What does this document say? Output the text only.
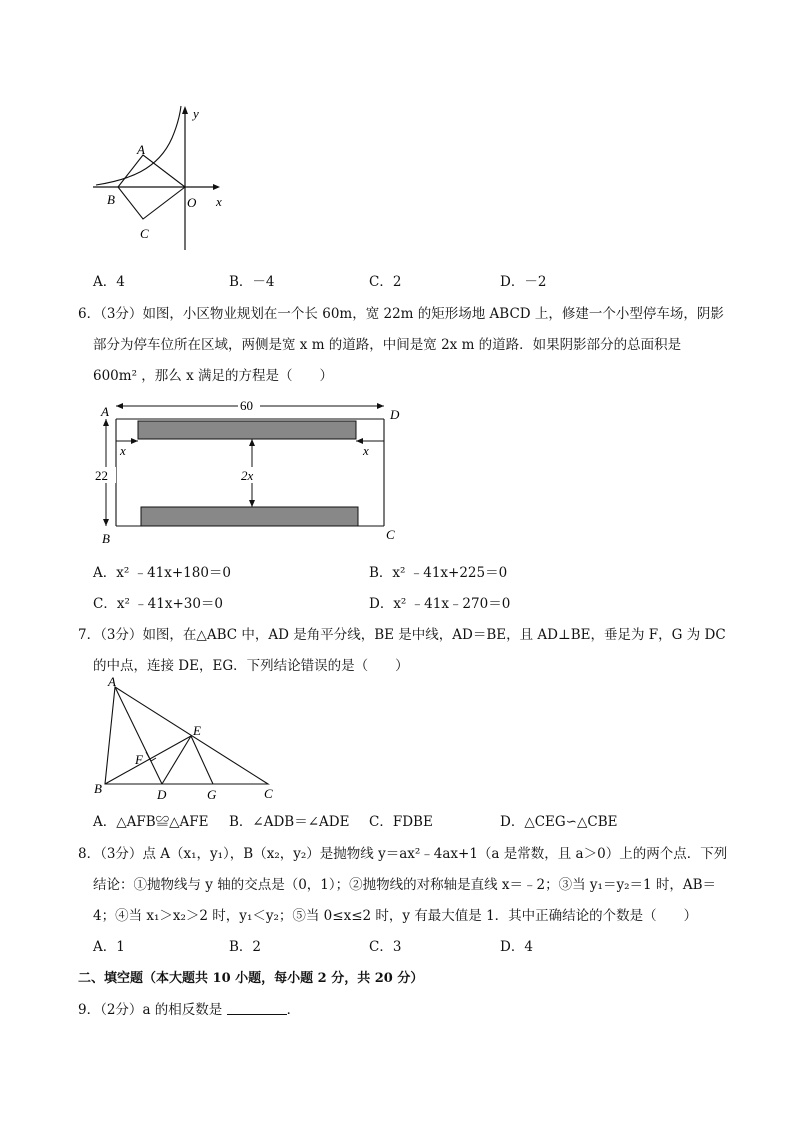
y
x
A
B
C
O
A．4	B．－4	C．2	D．－2
6．（3分）如图，小区物业规划在一个长 60m，宽 22m 的矩形场地 ABCD 上，修建一个小型停车场，阴影
部分为停车位所在区域，两侧是宽 x m 的道路，中间是宽 2x m 的道路．如果阴影部分的总面积是
600m² ，那么 x 满足的方程是（　　）
60
22
x	x
2x
A	D
B	C
A．x² ﹣41x+180＝0	B．x² ﹣41x+225＝0
C．x² ﹣41x+30＝0	D．x² ﹣41x﹣270＝0
7．（3分）如图，在△ABC 中，AD 是角平分线，BE 是中线，AD＝BE，且 AD⊥BE，垂足为 F，G 为 DC
的中点，连接 DE，EG．下列结论错误的是（　　）
A
B	C
D
E
F
G
A．△AFB≌△AFE B．∠ADB＝∠ADE C．FDBE	D．△CEG∽△CBE
8．（3分）点 A（x₁，y₁），B（x₂，y₂）是抛物线 y＝ax²﹣4ax+1（a 是常数，且 a＞0）上的两个点．下列
结论：①抛物线与 y 轴的交点是（0，1）；②抛物线的对称轴是直线 x＝﹣2；③当 y₁＝y₂＝1 时，AB＝
4；④当 x₁＞x₂＞2 时，y₁＜y₂；⑤当 0≤x≤2 时，y 有最大值是 1．其中正确结论的个数是（　　）
A．1	B．2	C．3	D．4
二、填空题（本大题共 10 小题，每小题 2 分，共 20 分）
9．（2分）a 的相反数是	．
